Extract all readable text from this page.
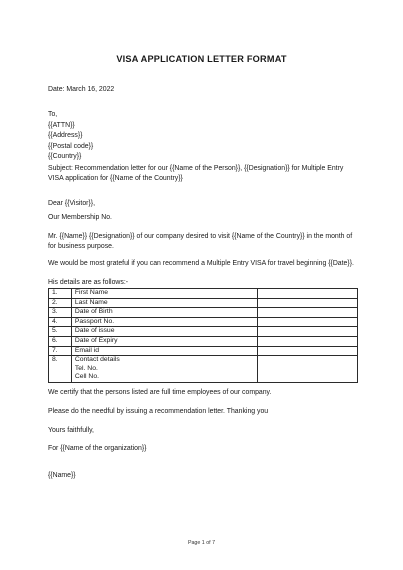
VISA APPLICATION LETTER FORMAT
Date: March 16, 2022
To,
{{ATTN}}
{{Address}}
{{Postal code}}
{{Country}}
Subject: Recommendation letter for our {{Name of the Person}}, {{Designation}} for Multiple Entry VISA application for {{Name of the Country}}
Dear {{Visitor}},
Our Membership No.
Mr. {{Name}} {{Designation}} of our company desired to visit {{Name of the Country}} in the month of for business purpose.
We would be most grateful if you can recommend a Multiple Entry VISA for travel beginning {{Date}}.
His details are as follows:-
1.	First Name	
2.	Last Name	
3.	Date of Birth	
4.	Passport No.	
5.	Date of issue	
6.	Date of Expiry	
7.	Email id	
8.	Contact details
Tel. No.
Cell No.	

We certify that the persons listed are full time employees of our company.
Please do the needful by issuing a recommendation letter. Thanking you
Yours faithfully,
For {{Name of the organization}}
{{Name}}
Page 1 of 7
